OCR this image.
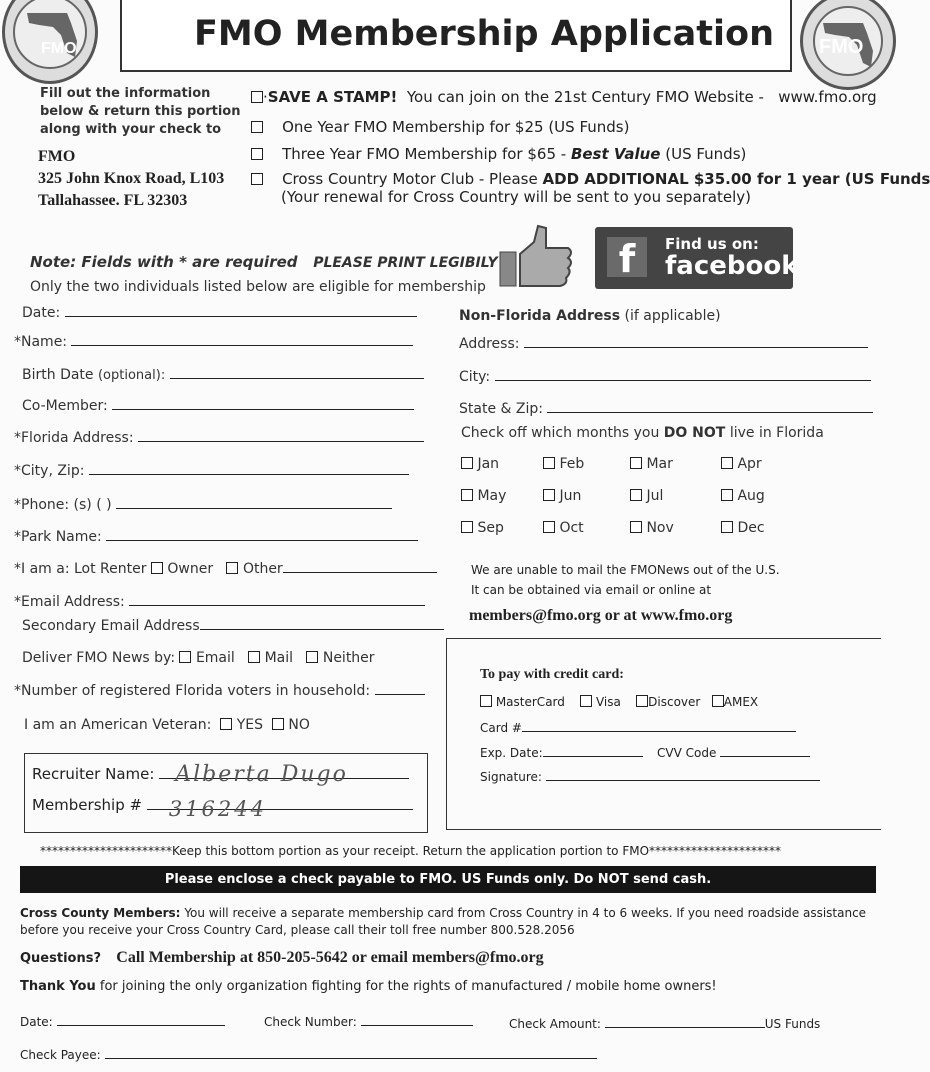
FMO	FMO
FMO Membership Application
Fill out the information
below & return this portion
along with your check to
FMO
325 John Knox Road, L103
Tallahassee. FL 32303
·SAVE A STAMP! You can join on the 21st Century FMO Website - www.fmo.org
One Year FMO Membership for $25 (US Funds)
Three Year FMO Membership for $65 - Best Value (US Funds)
Cross Country Motor Club - Please ADD ADDITIONAL $35.00 for 1 year (US Funds
(Your renewal for Cross Country will be sent to you separately)
f	Find us on:
facebook
Note: Fields with * are required PLEASE PRINT LEGIBILY
Only the two individuals listed below are eligible for membership
Date:
*Name:
Birth Date (optional):
Co-Member:
*Florida Address:
*City, Zip:
*Phone: (s) ( )
*Park Name:
*I am a: Lot Renter Owner Other
*Email Address:
Secondary Email Address
Deliver FMO News by: Email Mail Neither
*Number of registered Florida voters in household:
I am an American Veteran: YES NO
Recruiter Name: Alberta Dugo
Membership # 316244
Non-Florida Address (if applicable)
Address:
City:
State & Zip:
Check off which months you DO NOT live in Florida
Jan	Feb	Mar	Apr
May	Jun	Jul	Aug
Sep	Oct	Nov	Dec
We are unable to mail the FMONews out of the U.S.
It can be obtained via email or online at
members@fmo.org or at www.fmo.org
To pay with credit card:
MasterCard	Visa Discover AMEX
Card #
Exp. Date:	CVV Code
Signature:
**********************Keep this bottom portion as your receipt. Return the application portion to FMO**********************
Please enclose a check payable to FMO. US Funds only. Do NOT send cash.
Cross County Members: You will receive a separate membership card from Cross Country in 4 to 6 weeks. If you need roadside assistance
before you receive your Cross Country Card, please call their toll free number 800.528.2056
Questions? Call Membership at 850-205-5642 or email members@fmo.org
Thank You for joining the only organization fighting for the rights of manufactured / mobile home owners!
Date:	Check Number:	Check Amount:	US Funds
Check Payee:
